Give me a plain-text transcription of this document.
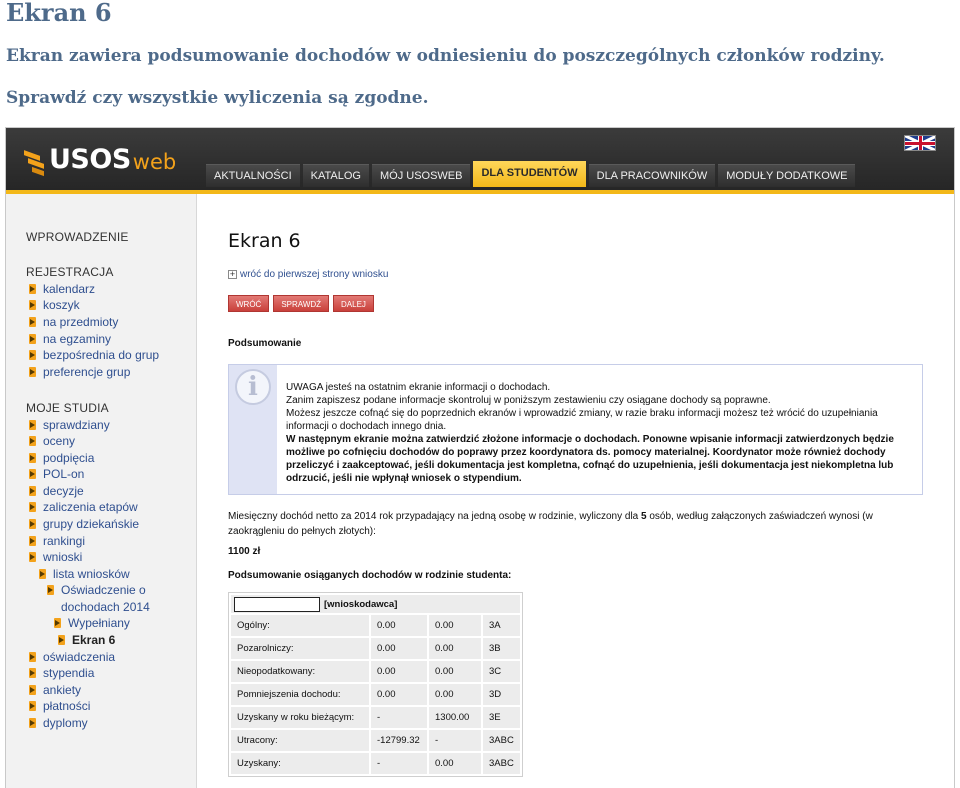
Ekran 6
Ekran zawiera podsumowanie dochodów w odniesieniu do poszczególnych członków rodziny.
Sprawdź czy wszystkie wyliczenia są zgodne.
USOS web
AKTUALNOŚCI	KATALOG	MÓJ USOSWEB	DLA STUDENTÓW	DLA PRACOWNIKÓW	MODUŁY DODATKOWE
WPROWADZENIE
REJESTRACJA
kalendarz
koszyk
na przedmioty
na egzaminy
bezpośrednia do grup
preferencje grup
MOJE STUDIA
sprawdziany
oceny
podpięcia
POL-on
decyzje
zaliczenia etapów
grupy dziekańskie
rankingi
wnioski
lista wniosków
Oświadczenie o
dochodach 2014
Wypełniany
Ekran 6
oświadczenia
stypendia
ankiety
płatności
dyplomy
Ekran 6
+ wróć do pierwszej strony wniosku
WRÓĆ	SPRAWDŹ	DALEJ
Podsumowanie
i	UWAGA jesteś na ostatnim ekranie informacji o dochodach.

Zanim zapiszesz podane informacje skontroluj w poniższym zestawieniu czy osiągane dochody są poprawne.

Możesz jeszcze cofnąć się do poprzednich ekranów i wprowadzić zmiany, w razie braku informacji możesz też wrócić do uzupełniania informacji o dochodach innego dnia.

W następnym ekranie można zatwierdzić złożone informacje o dochodach. Ponowne wpisanie informacji zatwierdzonych będzie możliwe po cofnięciu dochodów do poprawy przez koordynatora ds. pomocy materialnej. Koordynator może również dochody przeliczyć i zaakceptować, jeśli dokumentacja jest kompletna, cofnąć do uzupełnienia, jeśli dokumentacja jest niekompletna lub odrzucić, jeśli nie wpłynął wniosek o stypendium.

Miesięczny dochód netto za 2014 rok przypadający na jedną osobę w rodzinie, wyliczony dla 5 osób, według załączonych zaświadczeń wynosi (w zaokrągleniu do pełnych złotych):
1100 zł
Podsumowanie osiąganych dochodów w rodzinie studenta:
[wnioskodawca]			
Ogólny:	0.00	0.00	3A
Pozarolniczy:	0.00	0.00	3B
Nieopodatkowany:	0.00	0.00	3C
Pomniejszenia dochodu:	0.00	0.00	3D
Uzyskany w roku bieżącym:	-	1300.00	3E
Utracony:	-12799.32	-	3ABC
Uzyskany:	-	0.00	3ABC
